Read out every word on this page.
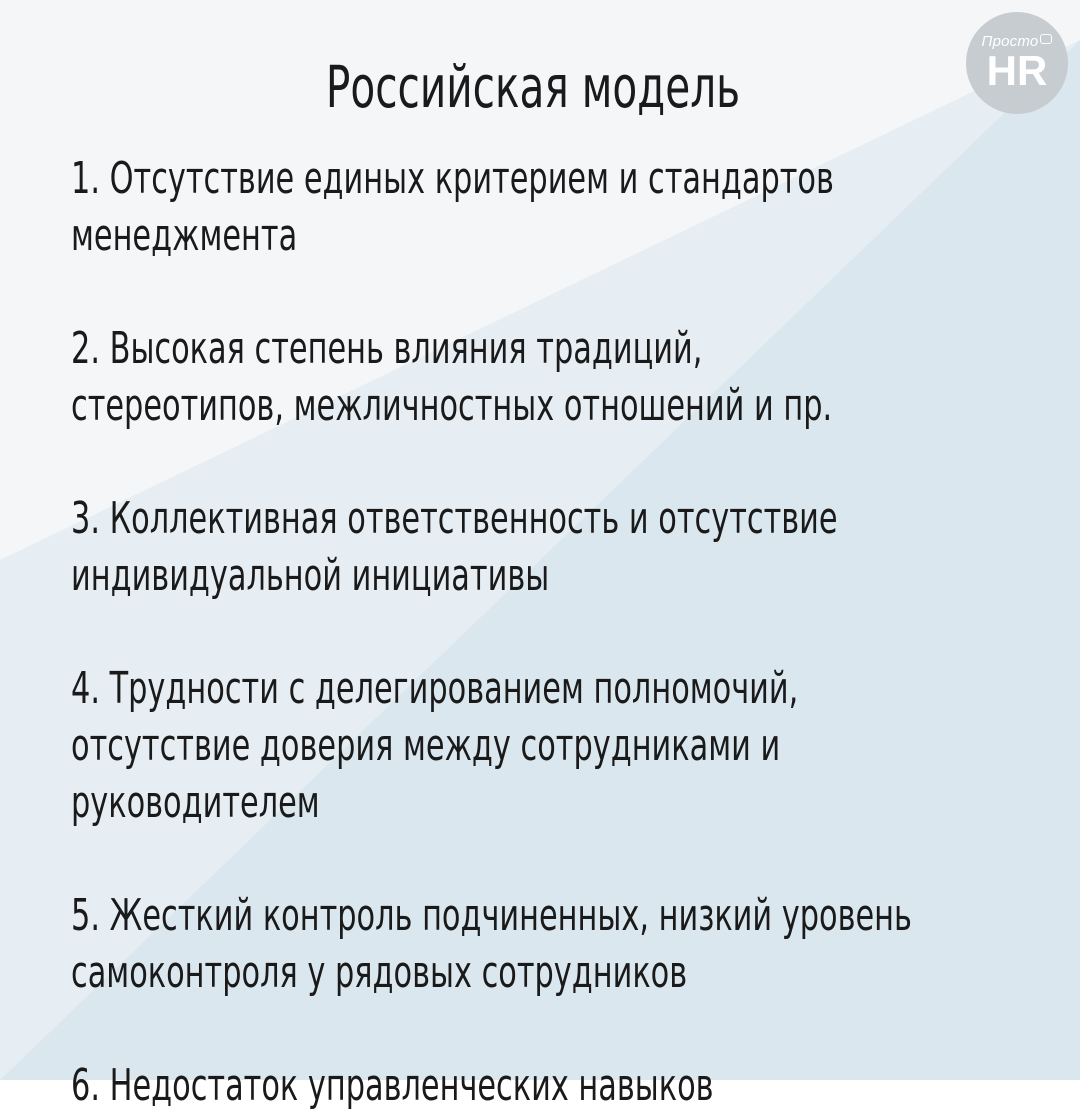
Просто
HR
Российская модель
1. Отсутствие единых критерием и стандартов
менеджмента
2. Высокая степень влияния традиций,
стереотипов, межличностных отношений и пр.
3. Коллективная ответственность и отсутствие
индивидуальной инициативы
4. Трудности с делегированием полномочий,
отсутствие доверия между сотрудниками и
руководителем
5. Жесткий контроль подчиненных, низкий уровень
самоконтроля у рядовых сотрудников
6. Недостаток управленческих навыков
